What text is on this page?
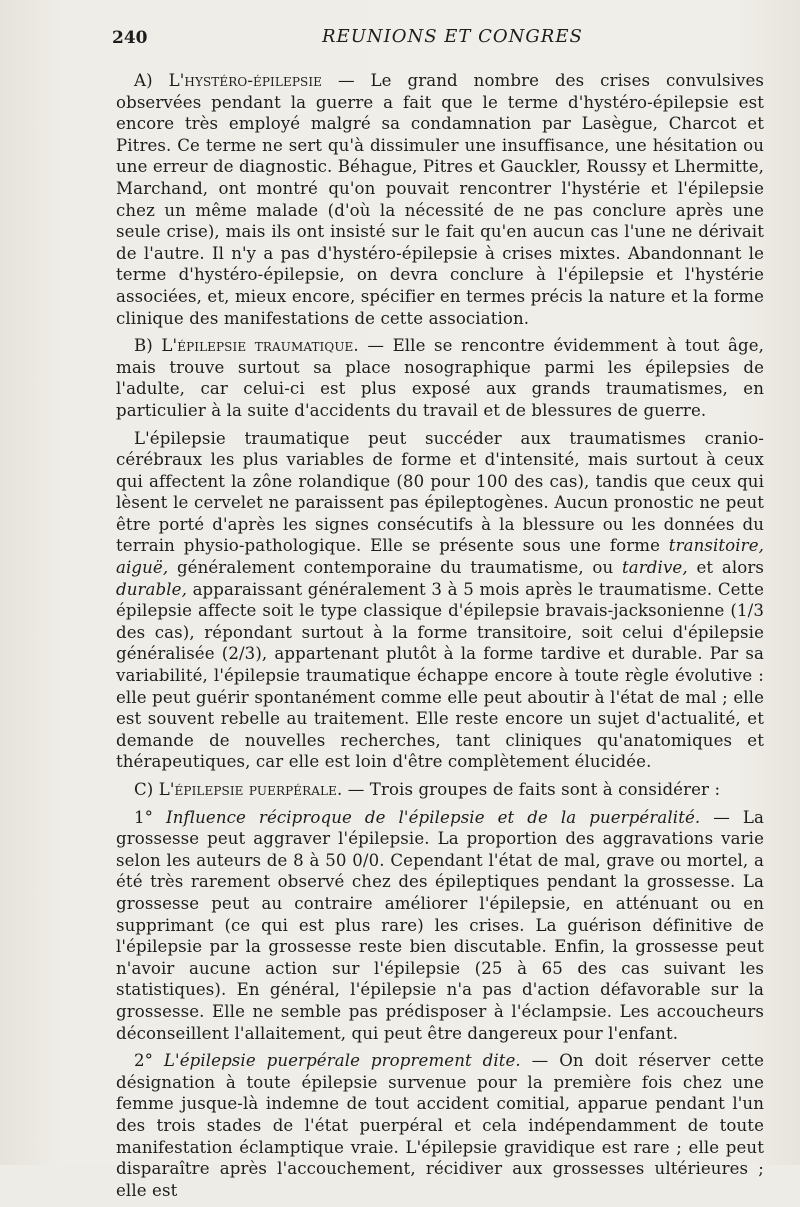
240	REUNIONS ET CONGRES

A) L'hystéro-épilepsie — Le grand nombre des crises convulsives observées pendant la guerre a fait que le terme d'hystéro-épilepsie est encore très employé malgré sa condamnation par Lasègue, Charcot et Pitres. Ce terme ne sert qu'à dissimuler une insuffisance, une hésitation ou une erreur de diagnostic. Béhague, Pitres et Gauckler, Roussy et Lhermitte, Marchand, ont montré qu'on pouvait rencontrer l'hystérie et l'épilepsie chez un même malade (d'où la nécessité de ne pas conclure après une seule crise), mais ils ont insisté sur le fait qu'en aucun cas l'une ne dérivait de l'autre. Il n'y a pas d'hystéro-épilepsie à crises mixtes. Abandonnant le terme d'hystéro-épilepsie, on devra conclure à l'épilepsie et l'hystérie associées, et, mieux encore, spécifier en termes précis la nature et la forme clinique des manifestations de cette association.

B) L'épilepsie traumatique. — Elle se rencontre évidemment à tout âge, mais trouve surtout sa place nosographique parmi les épilepsies de l'adulte, car celui-ci est plus exposé aux grands traumatismes, en particulier à la suite d'accidents du travail et de blessures de guerre.

L'épilepsie traumatique peut succéder aux traumatismes cranio-cérébraux les plus variables de forme et d'intensité, mais surtout à ceux qui affectent la zône rolandique (80 pour 100 des cas), tandis que ceux qui lèsent le cervelet ne paraissent pas épileptogènes. Aucun pronostic ne peut être porté d'après les signes consécutifs à la blessure ou les données du terrain physio-pathologique. Elle se présente sous une forme transitoire, aiguë, généralement contemporaine du traumatisme, ou tardive, et alors durable, apparaissant généralement 3 à 5 mois après le traumatisme. Cette épilepsie affecte soit le type classique d'épilepsie bravais-jacksonienne (1/3 des cas), répondant surtout à la forme transitoire, soit celui d'épilepsie généralisée (2/3), appartenant plutôt à la forme tardive et durable. Par sa variabilité, l'épilepsie traumatique échappe encore à toute règle évolutive : elle peut guérir spontanément comme elle peut aboutir à l'état de mal ; elle est souvent rebelle au traitement. Elle reste encore un sujet d'actualité, et demande de nouvelles recherches, tant cliniques qu'anatomiques et thérapeutiques, car elle est loin d'être complètement élucidée.

C) L'épilepsie puerpérale. — Trois groupes de faits sont à considérer :

1° Influence réciproque de l'épilepsie et de la puerpéralité. — La grossesse peut aggraver l'épilepsie. La proportion des aggravations varie selon les auteurs de 8 à 50 0/0. Cependant l'état de mal, grave ou mortel, a été très rarement observé chez des épileptiques pendant la grossesse. La grossesse peut au contraire améliorer l'épilepsie, en atténuant ou en supprimant (ce qui est plus rare) les crises. La guérison définitive de l'épilepsie par la grossesse reste bien discutable. Enfin, la grossesse peut n'avoir aucune action sur l'épilepsie (25 à 65 des cas suivant les statistiques). En général, l'épilepsie n'a pas d'action défavorable sur la grossesse. Elle ne semble pas prédisposer à l'éclampsie. Les accoucheurs déconseillent l'allaitement, qui peut être dangereux pour l'enfant.

2° L'épilepsie puerpérale proprement dite. — On doit réserver cette désignation à toute épilepsie survenue pour la première fois chez une femme jusque-là indemne de tout accident comitial, apparue pendant l'un des trois stades de l'état puerpéral et cela indépendamment de toute manifestation éclamptique vraie. L'épilepsie gravidique est rare ; elle peut disparaître après l'accouchement, récidiver aux grossesses ultérieures ; elle est
